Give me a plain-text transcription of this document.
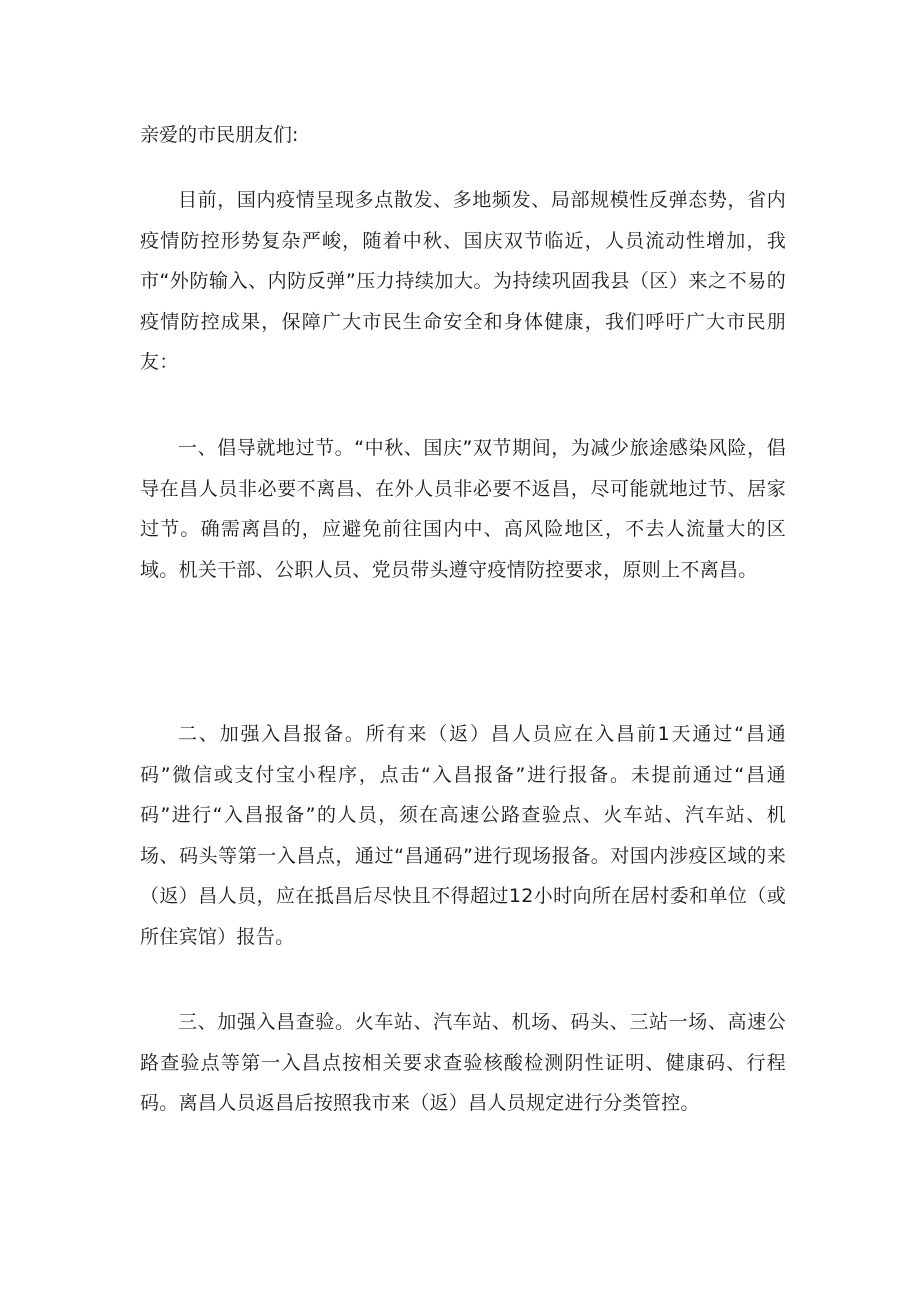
亲爱的市民朋友们:

目前，国内疫情呈现多点散发、多地频发、局部规模性反弹态势，省内疫情防控形势复杂严峻，随着中秋、国庆双节临近，人员流动性增加，我市“外防输入、内防反弹”压力持续加大。为持续巩固我县（区）来之不易的疫情防控成果，保障广大市民生命安全和身体健康，我们呼吁广大市民朋友：

一、倡导就地过节。“中秋、国庆”双节期间，为减少旅途感染风险，倡导在昌人员非必要不离昌、在外人员非必要不返昌，尽可能就地过节、居家过节。确需离昌的，应避免前往国内中、高风险地区，不去人流量大的区域。机关干部、公职人员、党员带头遵守疫情防控要求，原则上不离昌。

二、加强入昌报备。所有来（返）昌人员应在入昌前1天通过“昌通码”微信或支付宝小程序，点击“入昌报备”进行报备。未提前通过“昌通码”进行“入昌报备”的人员，须在高速公路查验点、火车站、汽车站、机场、码头等第一入昌点，通过“昌通码”进行现场报备。对国内涉疫区域的来（返）昌人员，应在抵昌后尽快且不得超过12小时向所在居村委和单位（或所住宾馆）报告。

三、加强入昌查验。火车站、汽车站、机场、码头、三站一场、高速公路查验点等第一入昌点按相关要求查验核酸检测阴性证明、健康码、行程码。离昌人员返昌后按照我市来（返）昌人员规定进行分类管控。
